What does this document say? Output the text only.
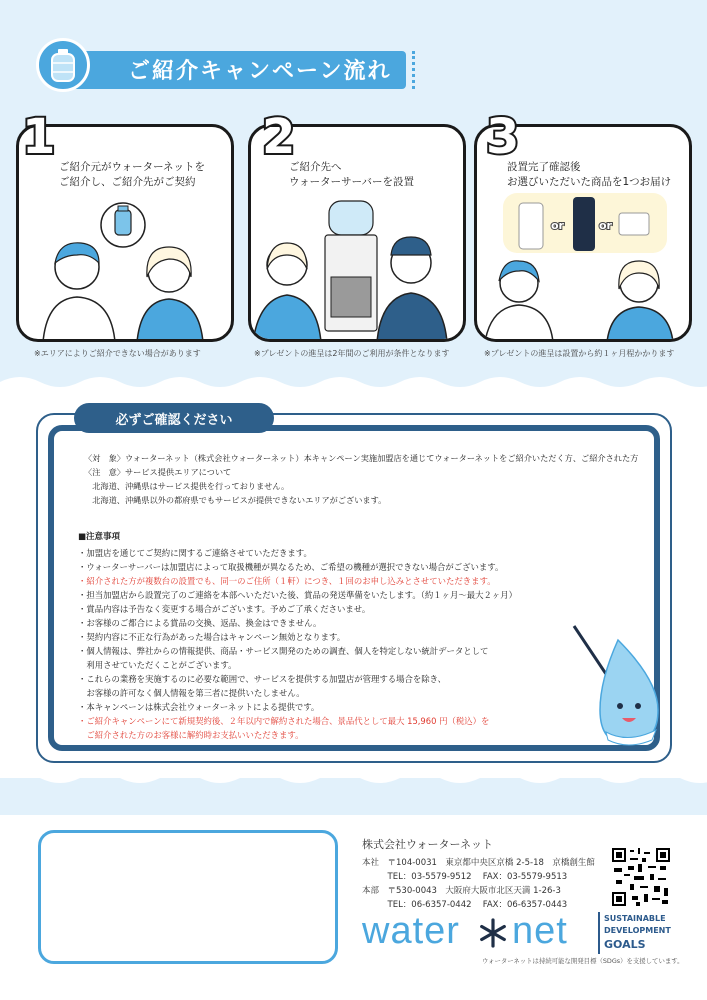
ご紹介キャンペーン流れ
ご紹介元がウォーターネットを
ご紹介し、ご紹介先がご契約
1
※エリアによりご紹介できない場合があります
ご紹介先へ
ウォーターサーバーを設置
2
※プレゼントの進呈は2年間のご利用が条件となります
設置完了確認後
お選びいただいた商品を1つお届け
or	or
3
※プレゼントの進呈は設置から約１ヶ月程かかります
必ずご確認ください
〈対　象〉ウォーターネット（株式会社ウォーターネット）本キャンペーン実施加盟店を通じてウォーターネットをご紹介いただく方、ご紹介された方
〈注　意〉サービス提供エリアについて
　北海道、沖縄県はサービス提供を行っておりません。
　北海道、沖縄県以外の都府県でもサービスが提供できないエリアがございます。
■注意事項
・加盟店を通じてご契約に関するご連絡させていただきます。
・ウォーターサーバーは加盟店によって取扱機種が異なるため、ご希望の機種が選択できない場合がございます。
・紹介された方が複数台の設置でも、同一のご住所（１軒）につき、１回のお申し込みとさせていただきます。
・担当加盟店から設置完了のご連絡を本部へいただいた後、賞品の発送準備をいたします。（約１ヶ月～最大２ヶ月）
・賞品内容は予告なく変更する場合がございます。予めご了承くださいませ。
・お客様のご都合による賞品の交換、返品、換金はできません。
・契約内容に不正な行為があった場合はキャンペーン無効となります。
・個人情報は、弊社からの情報提供、商品・サービス開発のための調査、個人を特定しない統計データとして
　利用させていただくことがございます。
・これらの業務を実施するのに必要な範囲で、サービスを提供する加盟店が管理する場合を除き、
　お客様の許可なく個人情報を第三者に提供いたしません。
・本キャンペーンは株式会社ウォーターネットによる提供です。
・ご紹介キャンペーンにて新規契約後、２年以内で解約された場合、景品代として最大 15,960 円（税込）を
　ご紹介された方のお客様に解約時お支払いいただきます。
株式会社ウォーターネット
本社　〒104-0031　東京都中央区京橋 2-5-18　京橋創生館
　　　TEL：03-5579-9512　 FAX：03-5579-9513
本部　〒530-0043　大阪府大阪市北区天満 1-26-3
　　　TEL：06-6357-0442　 FAX：06-6357-0443
water net	SUSTAINABLE
DEVELOPMENT
GOALS
ウォーターネットは持続可能な開発目標（SDGs）を支援しています。
